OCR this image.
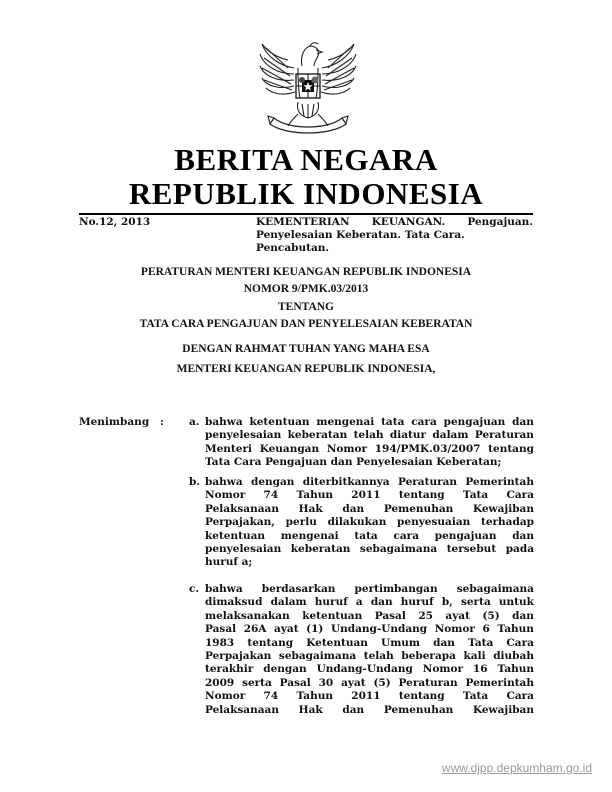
BERITA NEGARA
REPUBLIK INDONESIA
No.12, 2013	KEMENTERIAN KEUANGAN. Pengajuan.
Penyelesaian Keberatan. Tata Cara. Pencabutan.
PERATURAN MENTERI KEUANGAN REPUBLIK INDONESIA
NOMOR 9/PMK.03/2013
TENTANG
TATA CARA PENGAJUAN DAN PENYELESAIAN KEBERATAN
DENGAN RAHMAT TUHAN YANG MAHA ESA
MENTERI KEUANGAN REPUBLIK INDONESIA,
Menimbang : a. bahwa ketentuan mengenai tata cara pengajuan dan
penyelesaian keberatan telah diatur dalam Peraturan
Menteri Keuangan Nomor 194/PMK.03/2007 tentang
Tata Cara Pengajuan dan Penyelesaian Keberatan;
b. bahwa dengan diterbitkannya Peraturan Pemerintah
Nomor 74 Tahun 2011 tentang Tata Cara
Pelaksanaan Hak dan Pemenuhan Kewajiban
Perpajakan, perlu dilakukan penyesuaian terhadap
ketentuan mengenai tata cara pengajuan dan
penyelesaian keberatan sebagaimana tersebut pada
huruf a;
c. bahwa berdasarkan pertimbangan sebagaimana
dimaksud dalam huruf a dan huruf b, serta untuk
melaksanakan ketentuan Pasal 25 ayat (5) dan
Pasal 26A ayat (1) Undang-Undang Nomor 6 Tahun
1983 tentang Ketentuan Umum dan Tata Cara
Perpajakan sebagaimana telah beberapa kali diubah
terakhir dengan Undang-Undang Nomor 16 Tahun
2009 serta Pasal 30 ayat (5) Peraturan Pemerintah
Nomor 74 Tahun 2011 tentang Tata Cara
Pelaksanaan Hak dan Pemenuhan Kewajiban
www.djpp.depkumham.go.id
